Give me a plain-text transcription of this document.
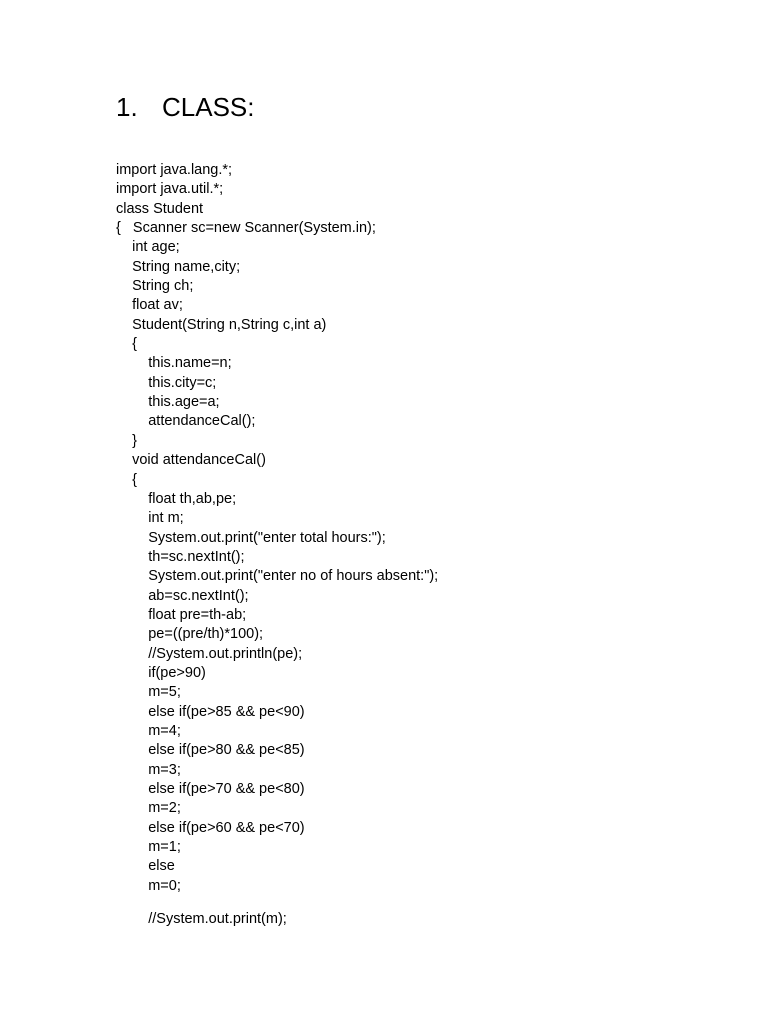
1. CLASS:
import java.lang.*;
import java.util.*;
class Student
{   Scanner sc=new Scanner(System.in);
int age;
String name,city;
String ch;
float av;
Student(String n,String c,int a)
{
this.name=n;
this.city=c;
this.age=a;
attendanceCal();
}
void attendanceCal()
{
float th,ab,pe;
int m;
System.out.print("enter total hours:");
th=sc.nextInt();
System.out.print("enter no of hours absent:");
ab=sc.nextInt();
float pre=th-ab;
pe=((pre/th)*100);
//System.out.println(pe);
if(pe>90)
m=5;
else if(pe>85 && pe<90)
m=4;
else if(pe>80 && pe<85)
m=3;
else if(pe>70 && pe<80)
m=2;
else if(pe>60 && pe<70)
m=1;
else
m=0;
//System.out.print(m);
